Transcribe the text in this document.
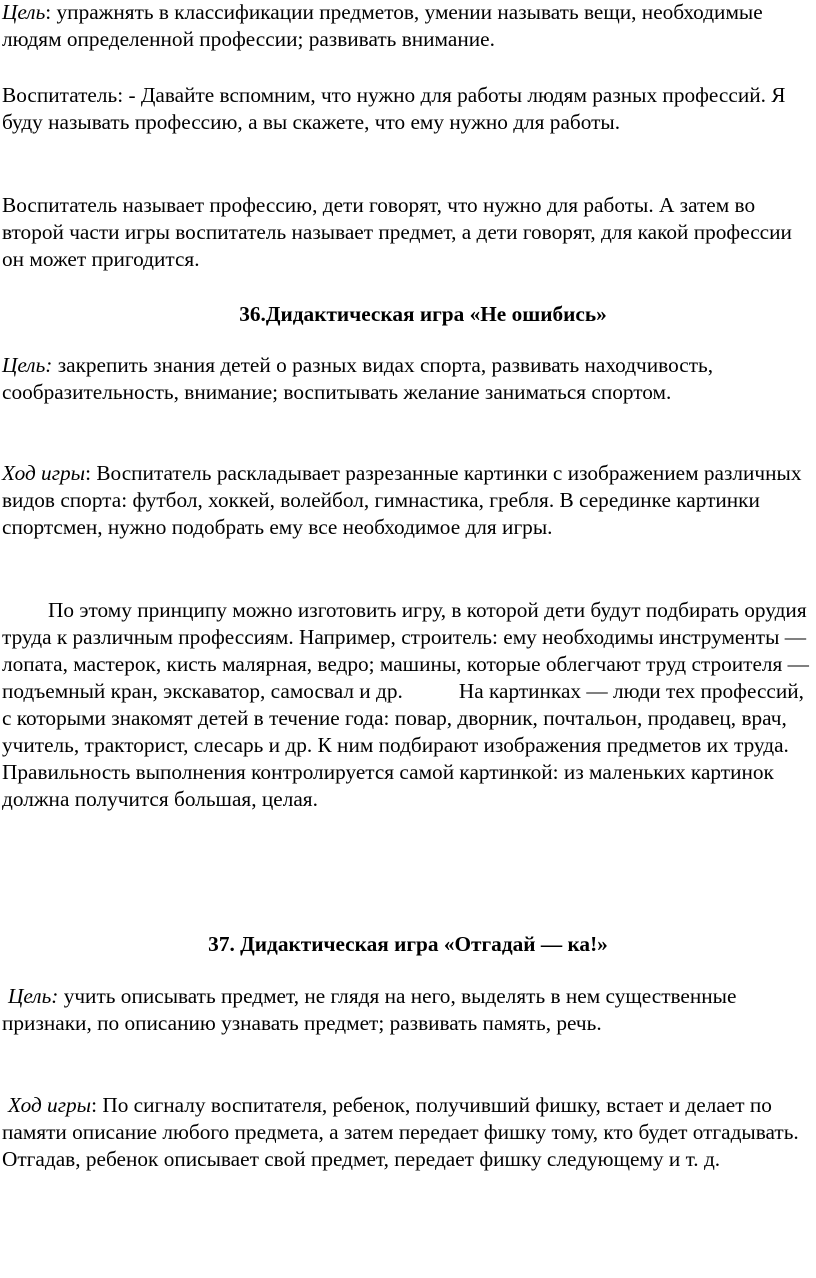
Цель: упражнять в классификации предметов, умении называть вещи, необходимые людям определенной профессии; развивать внимание.

Воспитатель: - Давайте вспомним, что нужно для работы людям разных профессий. Я буду называть профессию, а вы скажете, что ему нужно для работы.

Воспитатель называет профессию, дети говорят, что нужно для работы. А затем во второй части игры воспитатель называет предмет, а дети говорят, для какой профессии он может пригодится.

36.Дидактическая игра «Не ошибись»

Цель: закрепить знания детей о разных видах спорта, развивать находчивость, сообразительность, внимание; воспитывать желание заниматься спортом.

Ход игры: Воспитатель раскладывает разрезанные картинки с изображением различных видов спорта: футбол, хоккей, волейбол, гимнастика, гребля. В серединке картинки спортсмен, нужно подобрать ему все необходимое для игры.

По этому принципу можно изготовить игру, в которой дети будут подбирать орудия труда к различным профессиям. Например, строитель: ему необходимы инструменты — лопата, мастерок, кисть малярная, ведро; машины, которые облегчают труд строителя — подъемный кран, экскаватор, самосвал и др.	На картинках — люди тех профессий, с которыми знакомят детей в течение года: повар, дворник, почтальон, продавец, врач, учитель, тракторист, слесарь и др. К ним подбирают изображения предметов их труда. Правильность выполнения контролируется самой картинкой: из маленьких картинок должна получится большая, целая.

37. Дидактическая игра «Отгадай — ка!»

Цель: учить описывать предмет, не глядя на него, выделять в нем существенные признаки, по описанию узнавать предмет; развивать память, речь.

Ход игры: По сигналу воспитателя, ребенок, получивший фишку, встает и делает по памяти описание любого предмета, а затем передает фишку тому, кто будет отгадывать. Отгадав, ребенок описывает свой предмет, передает фишку следующему и т. д.
